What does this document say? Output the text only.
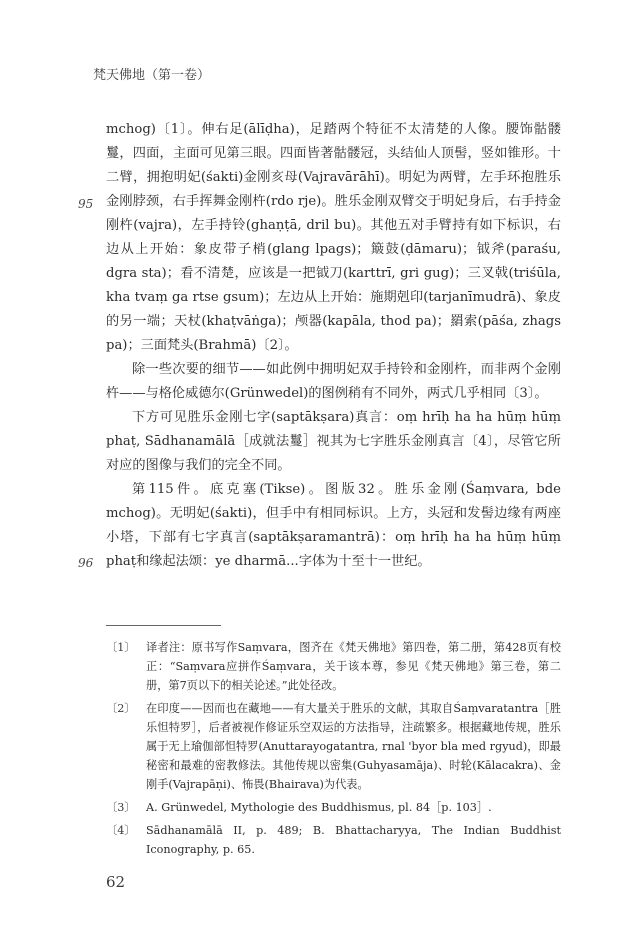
梵天佛地（第一卷）
95
96

mchog)〔1〕。伸右足(ālīḍha)，足踏两个特征不太清楚的人像。腰饰骷髅鬘，四面，主面可见第三眼。四面皆著骷髅冠，头结仙人顶髻，竖如锥形。十二臂，拥抱明妃(śakti)金刚亥母(Vajravārāhī)。明妃为两臂，左手环抱胜乐金刚脖颈，右手挥舞金刚杵(rdo rje)。胜乐金刚双臂交于明妃身后，右手持金刚杵(vajra)，左手持铃(ghaṇṭā, dril bu)。其他五对手臂持有如下标识，右边从上开始：象皮带子梢(glang lpags)；簸鼓(ḍāmaru)；钺斧(paraśu, dgra sta)；看不清楚，应该是一把钺刀(karttrī, gri gug)；三叉戟(triśūla, kha tvaṃ ga rtse gsum)；左边从上开始：施期剋印(tarjanīmudrā)、象皮的另一端；天杖(khaṭvāṅga)；颅器(kapāla, thod pa)；羂索(pāśa, zhags pa)；三面梵头(Brahmā)〔2〕。

除一些次要的细节——如此例中拥明妃双手持铃和金刚杵，而非两个金刚杵——与格伦威德尔(Grünwedel)的图例稍有不同外，两式几乎相同〔3〕。

下方可见胜乐金刚七字(saptākṣara)真言：oṃ hrīḥ ha ha hūṃ hūṃ phaṭ, Sādhanamālā［成就法鬘］视其为七字胜乐金刚真言〔4〕，尽管它所对应的图像与我们的完全不同。

第115件。底克塞(Tikse)。图版32。胜乐金刚(Śaṃvara, bde mchog)。无明妃(śakti)，但手中有相同标识。上方，头冠和发髻边缘有两座小塔，下部有七字真言(saptākṣaramantrā)：oṃ hrīḥ ha ha hūṃ hūṃ phaṭ和缘起法颂：ye dharmā...字体为十至十一世纪。

〔1〕 译者注：原书写作Saṃvara，图齐在《梵天佛地》第四卷，第二册，第428页有校正：“Saṃvara应拼作Śaṃvara，关于该本尊，参见《梵天佛地》第三卷，第二册，第7页以下的相关论述。”此处径改。
〔2〕 在印度——因而也在藏地——有大量关于胜乐的文献，其取自Śaṃvaratantra［胜乐怛特罗］，后者被视作修证乐空双运的方法指导，注疏繁多。根据藏地传规，胜乐属于无上瑜伽部怛特罗(Anuttarayogatantra, rnal 'byor bla med rgyud)，即最秘密和最难的密教修法。其他传规以密集(Guhyasamāja)、时轮(Kālacakra)、金刚手(Vajrapāṇi)、怖畏(Bhairava)为代表。
〔3〕 A. Grünwedel, Mythologie des Buddhismus, pl. 84［p. 103］.
〔4〕 Sādhanamālā II, p. 489; B. Bhattacharyya, The Indian Buddhist Iconography, p. 65.
62
